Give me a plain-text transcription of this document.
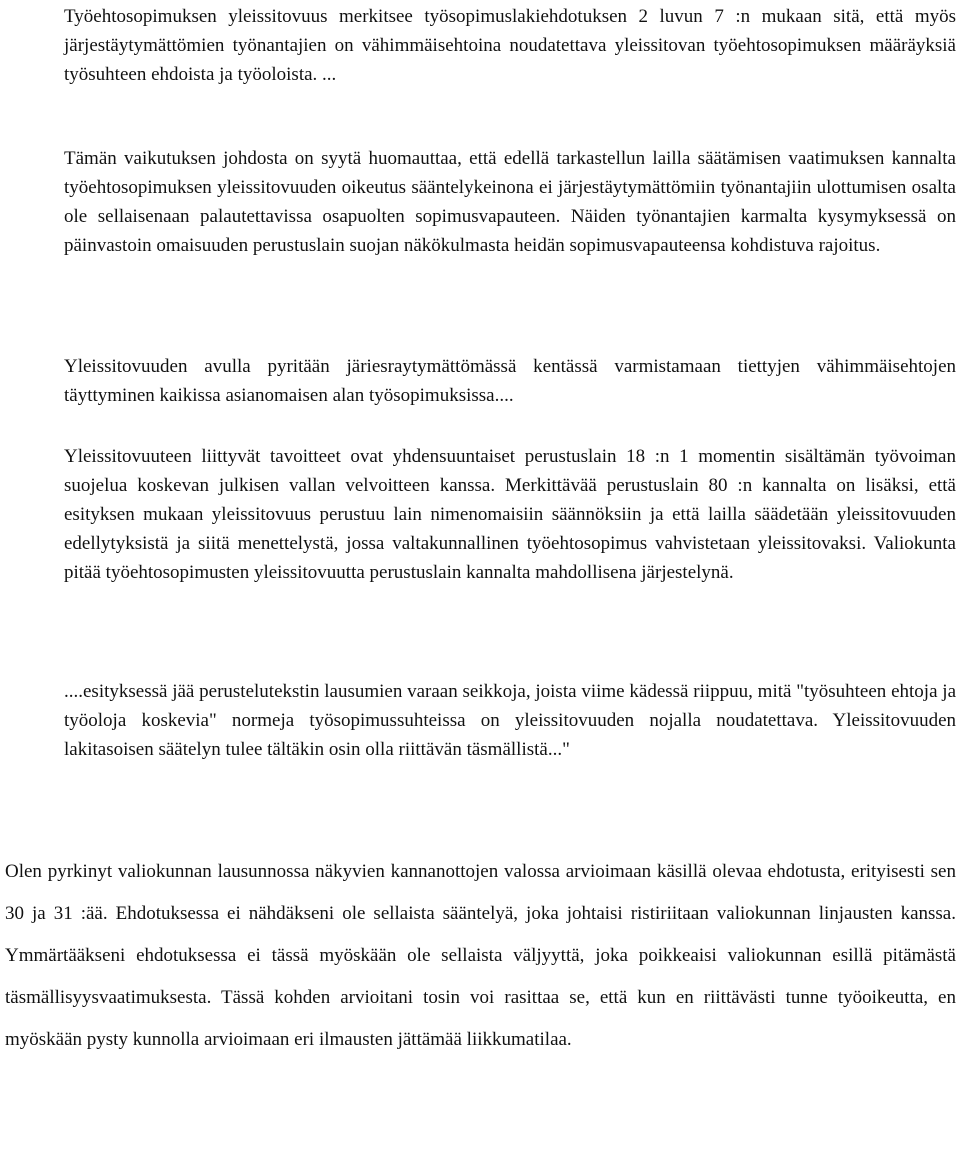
Työehtosopimuksen yleissitovuus merkitsee työsopimuslakiehdotuksen 2 luvun 7 :n mukaan sitä, että myös järjestäytymättömien työnantajien on vähimmäisehtoina noudatettava yleissitovan työehtosopimuksen määräyksiä työsuhteen ehdoista ja työoloista. ...

Tämän vaikutuksen johdosta on syytä huomauttaa, että edellä tarkastellun lailla säätämisen vaatimuksen kannalta työehtosopimuksen yleissitovuuden oikeutus sääntelykeinona ei järjestäytymättömiin työnantajiin ulottumisen osalta ole sellaisenaan palautettavissa osapuolten sopimusvapauteen. Näiden työnantajien karmalta kysymyksessä on päinvastoin omaisuuden perustuslain suojan näkökulmasta heidän sopimusvapauteensa kohdistuva rajoitus.

Yleissitovuuden avulla pyritään järiesraytymättömässä kentässä varmistamaan tiettyjen vähimmäisehtojen täyttyminen kaikissa asianomaisen alan työsopimuksissa....

Yleissitovuuteen liittyvät tavoitteet ovat yhdensuuntaiset perustuslain 18 :n 1 momentin sisältämän työvoiman suojelua koskevan julkisen vallan velvoitteen kanssa. Merkittävää perustuslain 80 :n kannalta on lisäksi, että esityksen mukaan yleissitovuus perustuu lain nimenomaisiin säännöksiin ja että lailla säädetään yleissitovuuden edellytyksistä ja siitä menettelystä, jossa valtakunnallinen työehtosopimus vahvistetaan yleissitovaksi. Valiokunta pitää työehtosopimusten yleissitovuutta perustuslain kannalta mahdollisena järjestelynä.

....esityksessä jää perustelutekstin lausumien varaan seikkoja, joista viime kädessä riippuu, mitä "työsuhteen ehtoja ja työoloja koskevia" normeja työsopimussuhteissa on yleissitovuuden nojalla noudatettava. Yleissitovuuden lakitasoisen säätelyn tulee tältäkin osin olla riittävän täsmällistä..."

Olen pyrkinyt valiokunnan lausunnossa näkyvien kannanottojen valossa arvioimaan käsillä olevaa ehdotusta, erityisesti sen 30 ja 31 :ää. Ehdotuksessa ei nähdäkseni ole sellaista sääntelyä, joka johtaisi ristiriitaan valiokunnan linjausten kanssa. Ymmärtääkseni ehdotuksessa ei tässä myöskään ole sellaista väljyyttä, joka poikkeaisi valiokunnan esillä pitämästä täsmällisyysvaatimuksesta. Tässä kohden arvioitani tosin voi rasittaa se, että kun en riittävästi tunne työoikeutta, en myöskään pysty kunnolla arvioimaan eri ilmausten jättämää liikkumatilaa.
